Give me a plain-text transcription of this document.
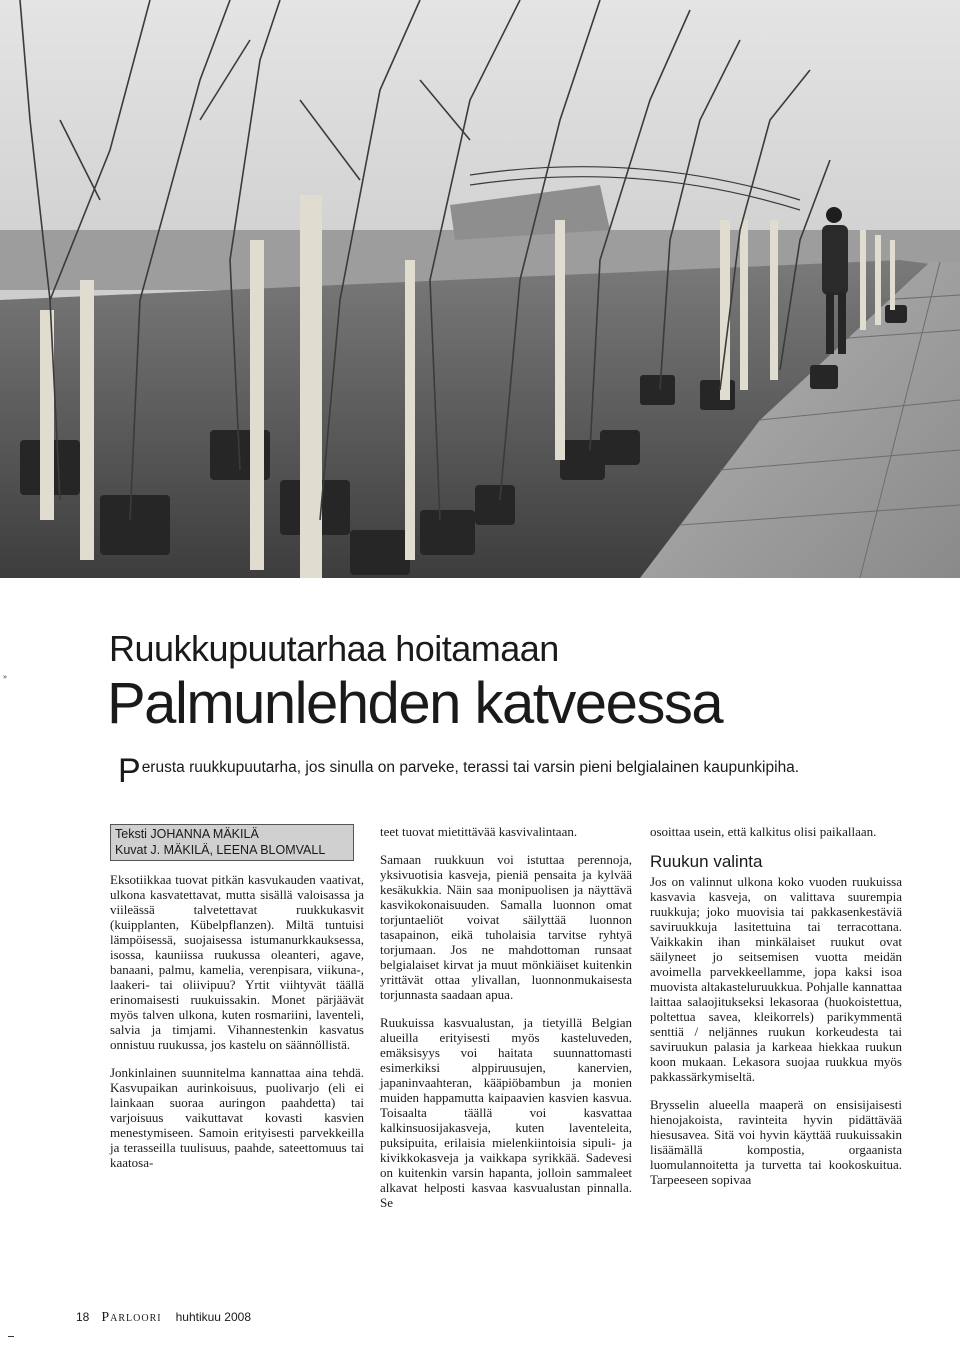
»
Ruukkupuutarhaa hoitamaan
Palmunlehden katveessa
Perusta ruukkupuutarha, jos sinulla on parveke, terassi tai varsin pieni belgialainen kaupunkipiha.
Teksti JOHANNA MÄKILÄ
Kuvat J. MÄKILÄ, LEENA BLOMVALL

Eksotiikkaa tuovat pitkän kasvukauden vaativat, ulkona kasvatettavat, mutta sisällä valoisassa ja viileässä talvetettavat ruukkukasvit (kuipplanten, Kübelpflanzen). Miltä tuntuisi lämpöisessä, suojaisessa istumanurkkauksessa, isossa, kauniissa ruukussa oleanteri, agave, banaani, palmu, kamelia, verenpisara, viikuna-, laakeri- tai oliivipuu? Yrtit viihtyvät täällä erinomaisesti ruukuissakin. Monet pärjäävät myös talven ulkona, kuten rosmariini, laventeli, salvia ja timjami. Vihannestenkin kasvatus onnistuu ruukussa, jos kastelu on säännöllistä.

Jonkinlainen suunnitelma kannattaa aina tehdä. Kasvupaikan aurinkoisuus, puolivarjo (eli ei lainkaan suoraa auringon paahdetta) tai varjoisuus vaikuttavat kovasti kasvien menestymiseen. Samoin erityisesti parvekkeilla ja terasseilla tuulisuus, paahde, sateettomuus tai kaatosa-

teet tuovat mietittävää kasvivalintaan.

Samaan ruukkuun voi istuttaa perennoja, yksivuotisia kasveja, pieniä pensaita ja kylvää kesäkukkia. Näin saa monipuolisen ja näyttävä kasvikokonaisuuden. Samalla luonnon omat torjuntaeliöt voivat säilyttää luonnon tasapainon, eikä tuholaisia tarvitse ryhtyä torjumaan. Jos ne mahdottoman runsaat belgialaiset kirvat ja muut mönkiäiset kuitenkin yrittävät ottaa ylivallan, luonnonmukaisesta torjunnasta saadaan apua.

Ruukuissa kasvualustan, ja tietyillä Belgian alueilla erityisesti myös kasteluveden, emäksisyys voi haitata suunnattomasti esimerkiksi alppiruusujen, kanervien, japaninvaahteran, kääpiöbambun ja monien muiden happamutta kaipaavien kasvien kasvua. Toisaalta täällä voi kasvattaa kalkinsuosijakasveja, kuten laventeleita, puksipuita, erilaisia mielenkiintoisia sipuli- ja kivikkokasveja ja vaikkapa syrikkää. Sadevesi on kuitenkin varsin hapanta, jolloin sammaleet alkavat helposti kasvaa kasvualustan pinnalla. Se

osoittaa usein, että kalkitus olisi paikallaan.

Ruukun valinta

Jos on valinnut ulkona koko vuoden ruukuissa kasvavia kasveja, on valittava suurempia ruukkuja; joko muovisia tai pakkasenkestäviä saviruukkuja lasitettuina tai terracottana. Vaikkakin ihan minkälaiset ruukut ovat säilyneet jo seitsemisen vuotta meidän avoimella parvekkeellamme, jopa kaksi isoa muovista altakasteluruukkua. Pohjalle kannattaa laittaa salaojitukseksi lekasoraa (huokoistettua, poltettua savea, kleikorrels) parikymmentä senttiä / neljännes ruukun korkeudesta tai saviruukun palasia ja karkeaa hiekkaa ruukun koon mukaan. Lekasora suojaa ruukkua myös pakkassärkymiseltä.

Brysselin alueella maaperä on ensisijaisesti hienojakoista, ravinteita hyvin pidättävää hiesusavea. Sitä voi hyvin käyttää ruukuissakin lisäämällä kompostia, orgaanista luomulannoitetta ja turvetta tai kookoskuitua. Tarpeeseen sopivaa

18 Parloori huhtikuu 2008
